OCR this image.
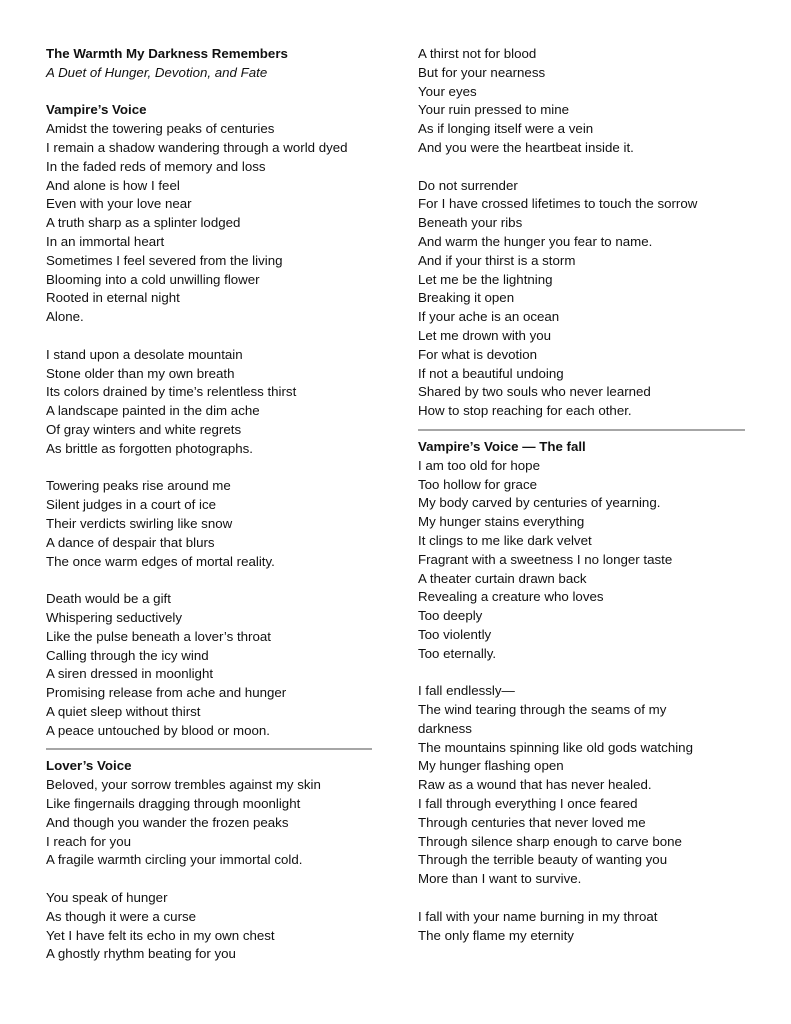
The Warmth My Darkness Remembers
A Duet of Hunger, Devotion, and Fate
Vampire’s Voice
Amidst the towering peaks of centuries
I remain a shadow wandering through a world dyed
In the faded reds of memory and loss
And alone is how I feel
Even with your love near
A truth sharp as a splinter lodged
In an immortal heart
Sometimes I feel severed from the living
Blooming into a cold unwilling flower
Rooted in eternal night
Alone.
I stand upon a desolate mountain
Stone older than my own breath
Its colors drained by time’s relentless thirst
A landscape painted in the dim ache
Of gray winters and white regrets
As brittle as forgotten photographs.
Towering peaks rise around me
Silent judges in a court of ice
Their verdicts swirling like snow
A dance of despair that blurs
The once warm edges of mortal reality.
Death would be a gift
Whispering seductively
Like the pulse beneath a lover’s throat
Calling through the icy wind
A siren dressed in moonlight
Promising release from ache and hunger
A quiet sleep without thirst
A peace untouched by blood or moon.
Lover’s Voice
Beloved, your sorrow trembles against my skin
Like fingernails dragging through moonlight
And though you wander the frozen peaks
I reach for you
A fragile warmth circling your immortal cold.
You speak of hunger
As though it were a curse
Yet I have felt its echo in my own chest
A ghostly rhythm beating for you
A thirst not for blood
But for your nearness
Your eyes
Your ruin pressed to mine
As if longing itself were a vein
And you were the heartbeat inside it.
Do not surrender
For I have crossed lifetimes to touch the sorrow
Beneath your ribs
And warm the hunger you fear to name.
And if your thirst is a storm
Let me be the lightning
Breaking it open
If your ache is an ocean
Let me drown with you
For what is devotion
If not a beautiful undoing
Shared by two souls who never learned
How to stop reaching for each other.
Vampire’s Voice — The fall
I am too old for hope
Too hollow for grace
My body carved by centuries of yearning.
My hunger stains everything
It clings to me like dark velvet
Fragrant with a sweetness I no longer taste
A theater curtain drawn back
Revealing a creature who loves
Too deeply
Too violently
Too eternally.
I fall endlessly—
The wind tearing through the seams of my
darkness
The mountains spinning like old gods watching
My hunger flashing open
Raw as a wound that has never healed.
I fall through everything I once feared
Through centuries that never loved me
Through silence sharp enough to carve bone
Through the terrible beauty of wanting you
More than I want to survive.
I fall with your name burning in my throat
The only flame my eternity
